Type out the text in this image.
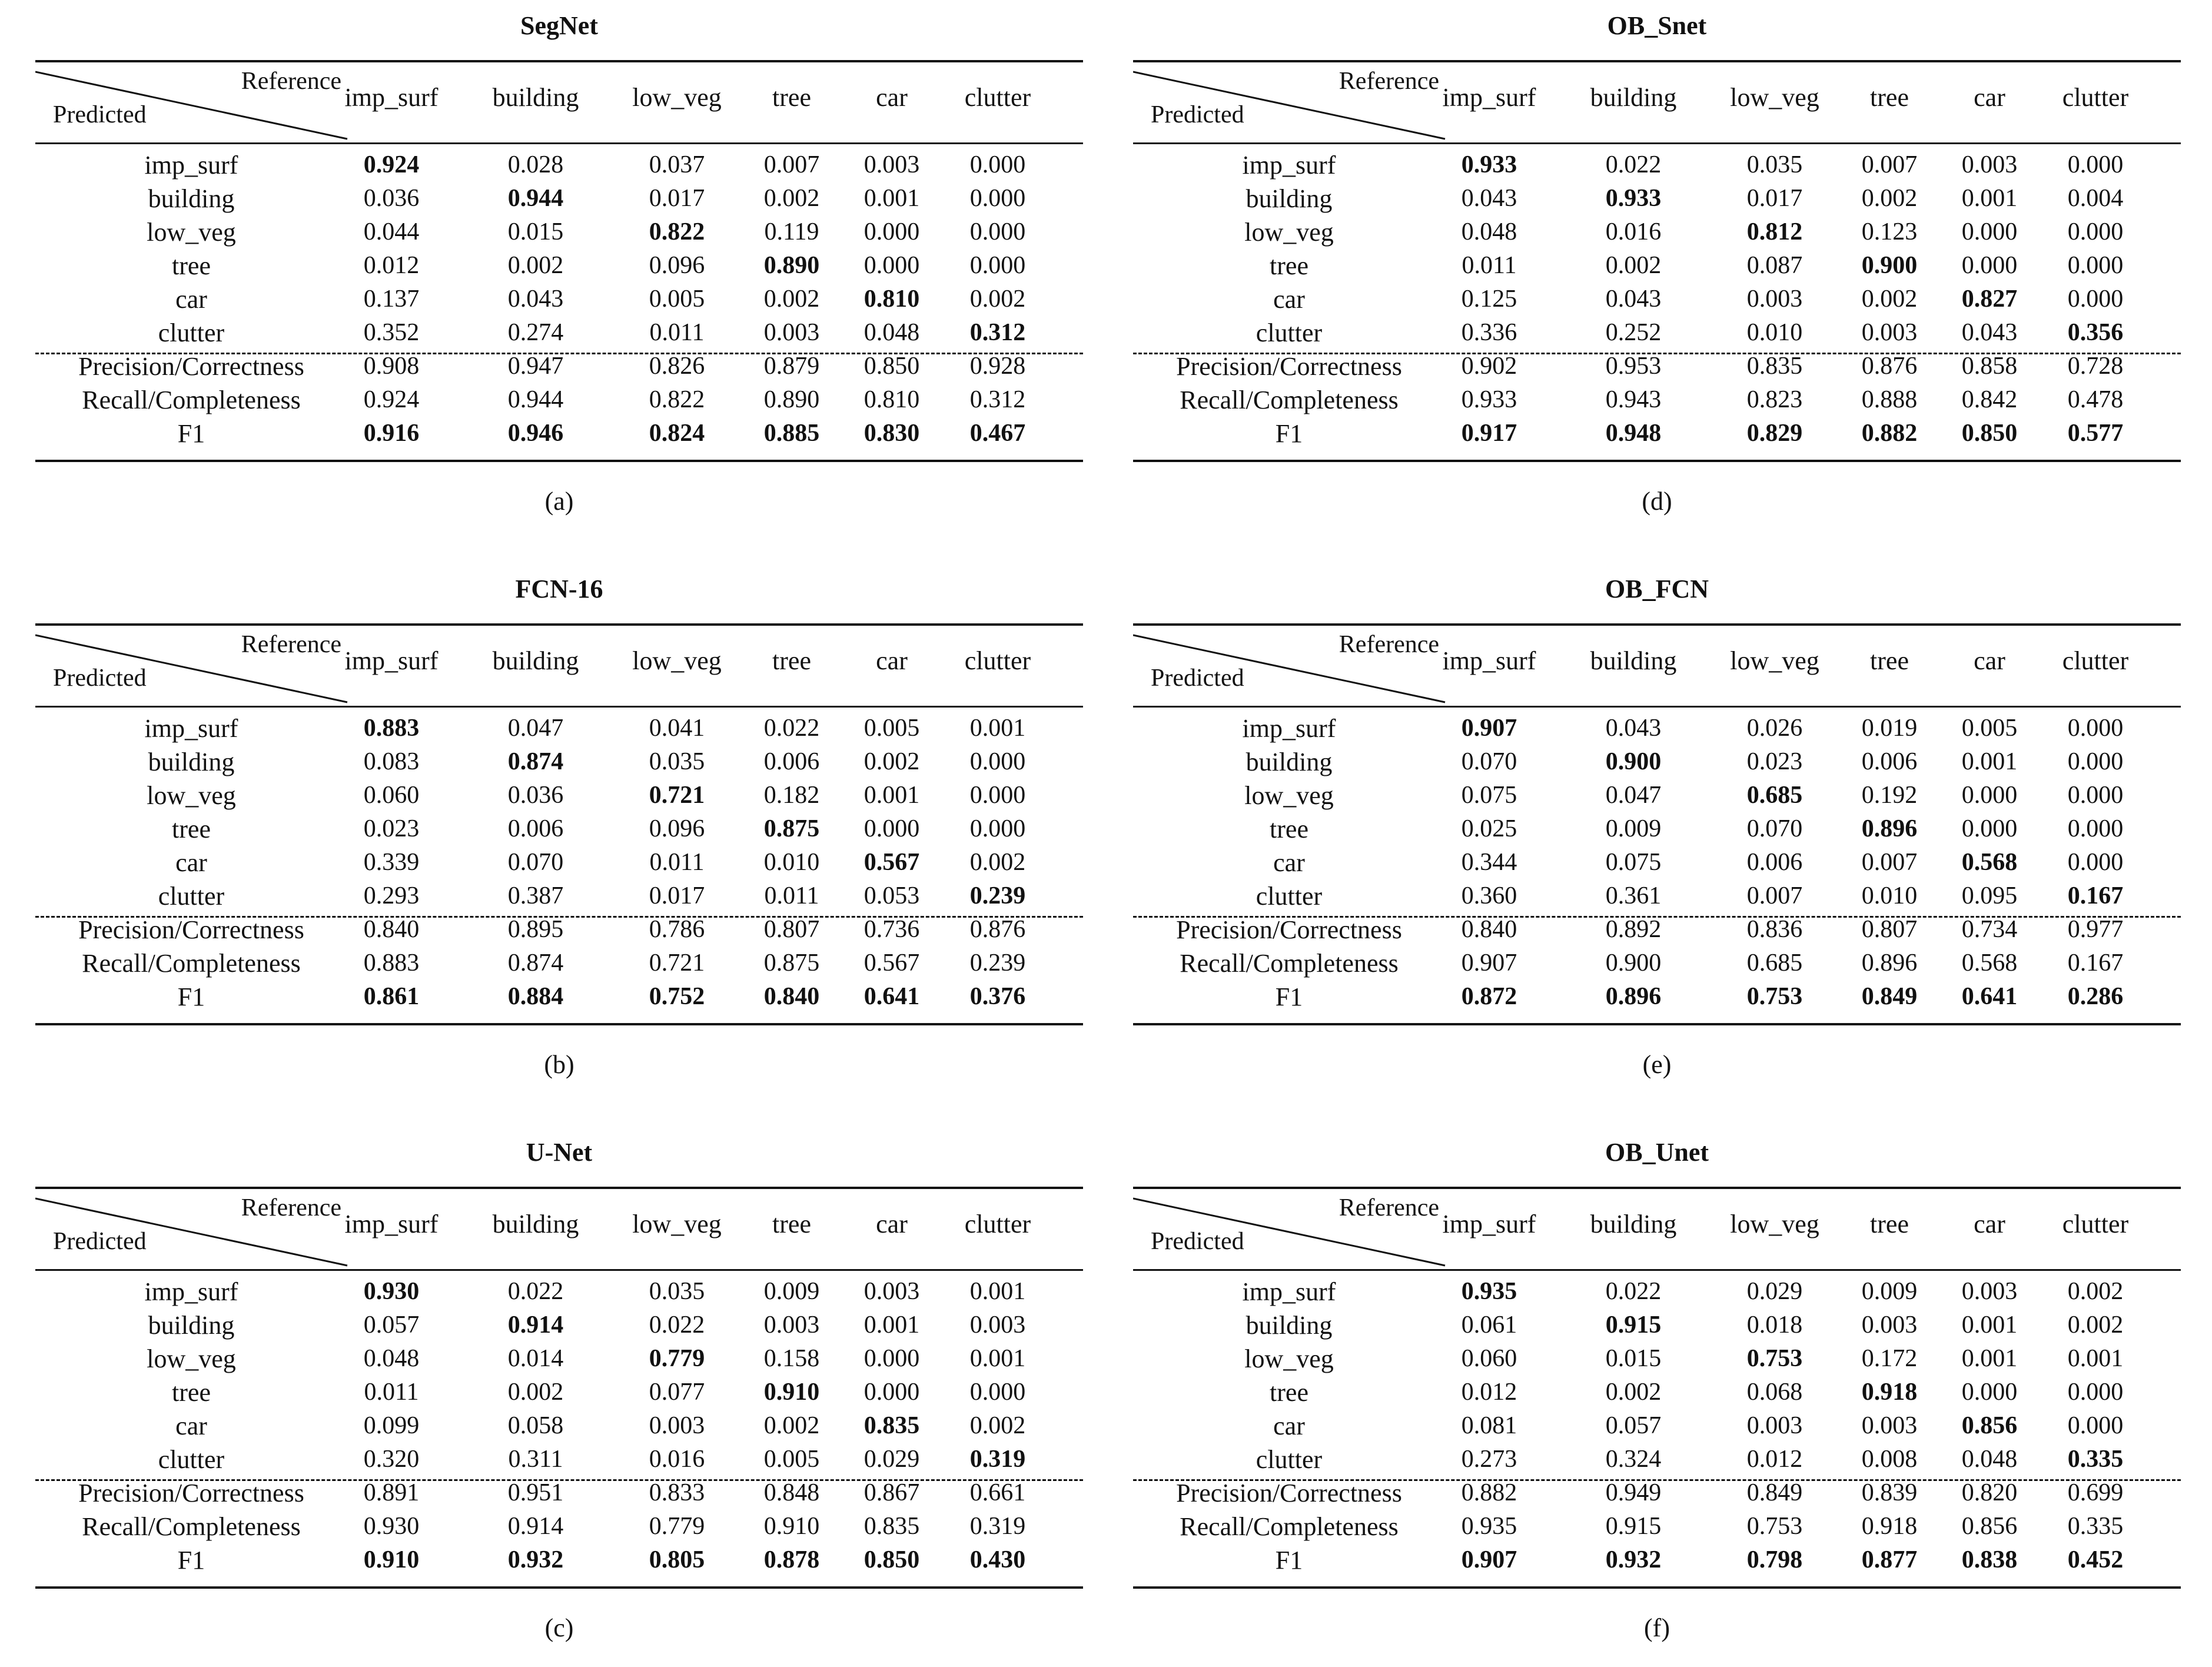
SegNet
Reference
Predicted
imp_surf	building	low_veg	tree	car	clutter
imp_surf	0.924	0.028	0.037	0.007	0.003	0.000
building	0.036	0.944	0.017	0.002	0.001	0.000
low_veg	0.044	0.015	0.822	0.119	0.000	0.000
tree	0.012	0.002	0.096	0.890	0.000	0.000
car	0.137	0.043	0.005	0.002	0.810	0.002
clutter	0.352	0.274	0.011	0.003	0.048	0.312
Precision/Correctness	0.908	0.947	0.826	0.879	0.850	0.928
Recall/Completeness	0.924	0.944	0.822	0.890	0.810	0.312
F1	0.916	0.946	0.824	0.885	0.830	0.467
(a)
OB_Snet
Reference
Predicted
imp_surf	building	low_veg	tree	car	clutter
imp_surf	0.933	0.022	0.035	0.007	0.003	0.000
building	0.043	0.933	0.017	0.002	0.001	0.004
low_veg	0.048	0.016	0.812	0.123	0.000	0.000
tree	0.011	0.002	0.087	0.900	0.000	0.000
car	0.125	0.043	0.003	0.002	0.827	0.000
clutter	0.336	0.252	0.010	0.003	0.043	0.356
Precision/Correctness	0.902	0.953	0.835	0.876	0.858	0.728
Recall/Completeness	0.933	0.943	0.823	0.888	0.842	0.478
F1	0.917	0.948	0.829	0.882	0.850	0.577
(d)
FCN-16
Reference
Predicted
imp_surf	building	low_veg	tree	car	clutter
imp_surf	0.883	0.047	0.041	0.022	0.005	0.001
building	0.083	0.874	0.035	0.006	0.002	0.000
low_veg	0.060	0.036	0.721	0.182	0.001	0.000
tree	0.023	0.006	0.096	0.875	0.000	0.000
car	0.339	0.070	0.011	0.010	0.567	0.002
clutter	0.293	0.387	0.017	0.011	0.053	0.239
Precision/Correctness	0.840	0.895	0.786	0.807	0.736	0.876
Recall/Completeness	0.883	0.874	0.721	0.875	0.567	0.239
F1	0.861	0.884	0.752	0.840	0.641	0.376
(b)
OB_FCN
Reference
Predicted
imp_surf	building	low_veg	tree	car	clutter
imp_surf	0.907	0.043	0.026	0.019	0.005	0.000
building	0.070	0.900	0.023	0.006	0.001	0.000
low_veg	0.075	0.047	0.685	0.192	0.000	0.000
tree	0.025	0.009	0.070	0.896	0.000	0.000
car	0.344	0.075	0.006	0.007	0.568	0.000
clutter	0.360	0.361	0.007	0.010	0.095	0.167
Precision/Correctness	0.840	0.892	0.836	0.807	0.734	0.977
Recall/Completeness	0.907	0.900	0.685	0.896	0.568	0.167
F1	0.872	0.896	0.753	0.849	0.641	0.286
(e)
U-Net
Reference
Predicted
imp_surf	building	low_veg	tree	car	clutter
imp_surf	0.930	0.022	0.035	0.009	0.003	0.001
building	0.057	0.914	0.022	0.003	0.001	0.003
low_veg	0.048	0.014	0.779	0.158	0.000	0.001
tree	0.011	0.002	0.077	0.910	0.000	0.000
car	0.099	0.058	0.003	0.002	0.835	0.002
clutter	0.320	0.311	0.016	0.005	0.029	0.319
Precision/Correctness	0.891	0.951	0.833	0.848	0.867	0.661
Recall/Completeness	0.930	0.914	0.779	0.910	0.835	0.319
F1	0.910	0.932	0.805	0.878	0.850	0.430
(c)
OB_Unet
Reference
Predicted
imp_surf	building	low_veg	tree	car	clutter
imp_surf	0.935	0.022	0.029	0.009	0.003	0.002
building	0.061	0.915	0.018	0.003	0.001	0.002
low_veg	0.060	0.015	0.753	0.172	0.001	0.001
tree	0.012	0.002	0.068	0.918	0.000	0.000
car	0.081	0.057	0.003	0.003	0.856	0.000
clutter	0.273	0.324	0.012	0.008	0.048	0.335
Precision/Correctness	0.882	0.949	0.849	0.839	0.820	0.699
Recall/Completeness	0.935	0.915	0.753	0.918	0.856	0.335
F1	0.907	0.932	0.798	0.877	0.838	0.452
(f)
